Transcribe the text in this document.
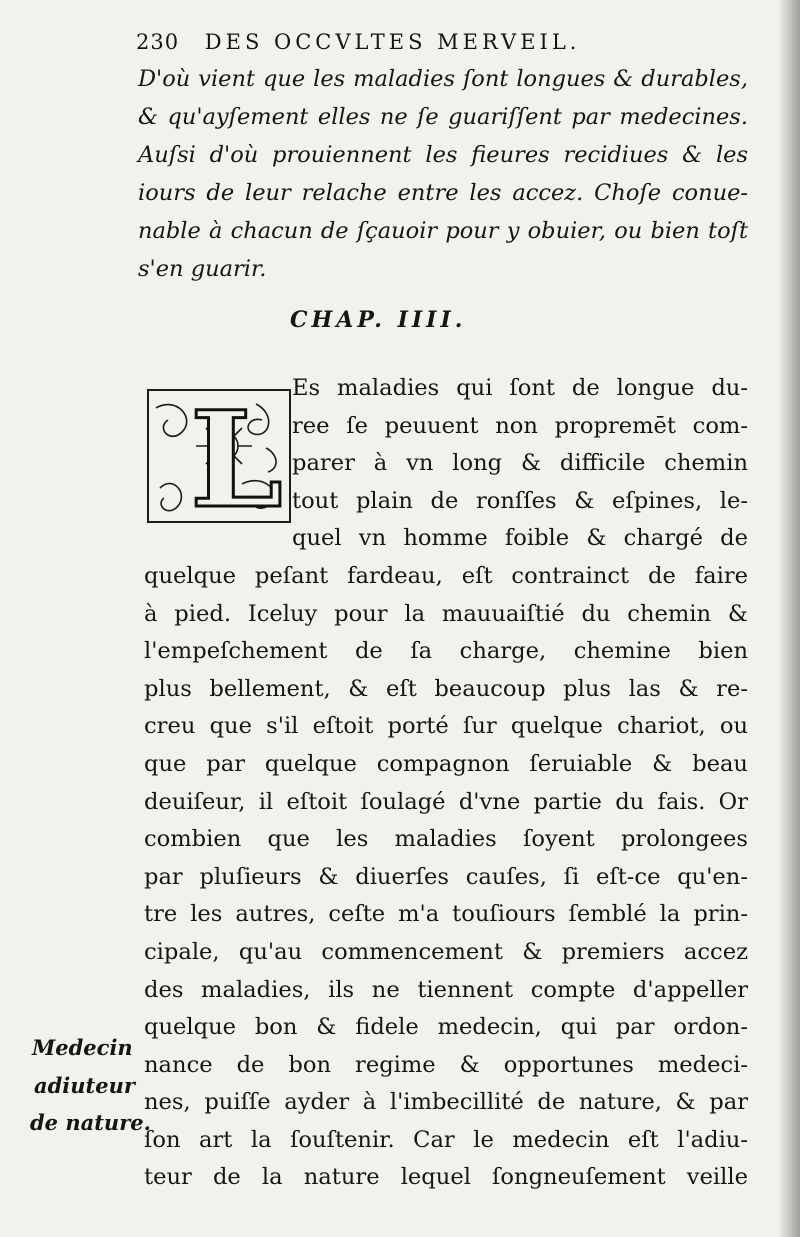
230 DES OCCVLTES MERVEIL.
D'où vient que les maladies ſont longues & durables,
& qu'ayſement elles ne ſe guariſſent par medecines.
Auſsi d'où prouiennent les fieures recidiues & les
iours de leur relache entre les accez. Choſe conue-
nable à chacun de ſçauoir pour y obuier, ou bien toſt
s'en guarir.
CHAP. IIII.
L Es maladies qui ſont de longue du-
ree ſe peuuent non propremēt com-
parer à vn long & difficile chemin
tout plain de ronſſes & eſpines, le-
quel vn homme foible & chargé de
quelque peſant fardeau, eſt contrainct de faire
à pied. Iceluy pour la mauuaiſtié du chemin &
l'empeſchement de ſa charge, chemine bien
plus bellement, & eſt beaucoup plus las & re-
creu que s'il eſtoit porté ſur quelque chariot, ou
que par quelque compagnon ſeruiable & beau
deuiſeur, il eſtoit ſoulagé d'vne partie du fais. Or
combien que les maladies ſoyent prolongees
par pluſieurs & diuerſes cauſes, ſi eſt-ce qu'en-
tre les autres, ceſte m'a touſiours ſemblé la prin-
cipale, qu'au commencement & premiers accez
des maladies, ils ne tiennent compte d'appeller
quelque bon & fidele medecin, qui par ordon-
nance de bon regime & opportunes medeci-
nes, puiſſe ayder à l'imbecillité de nature, & par
ſon art la ſouſtenir. Car le medecin eſt l'adiu-
teur de la nature lequel ſongneuſement veille
Medecin
adiuteur
de nature.
